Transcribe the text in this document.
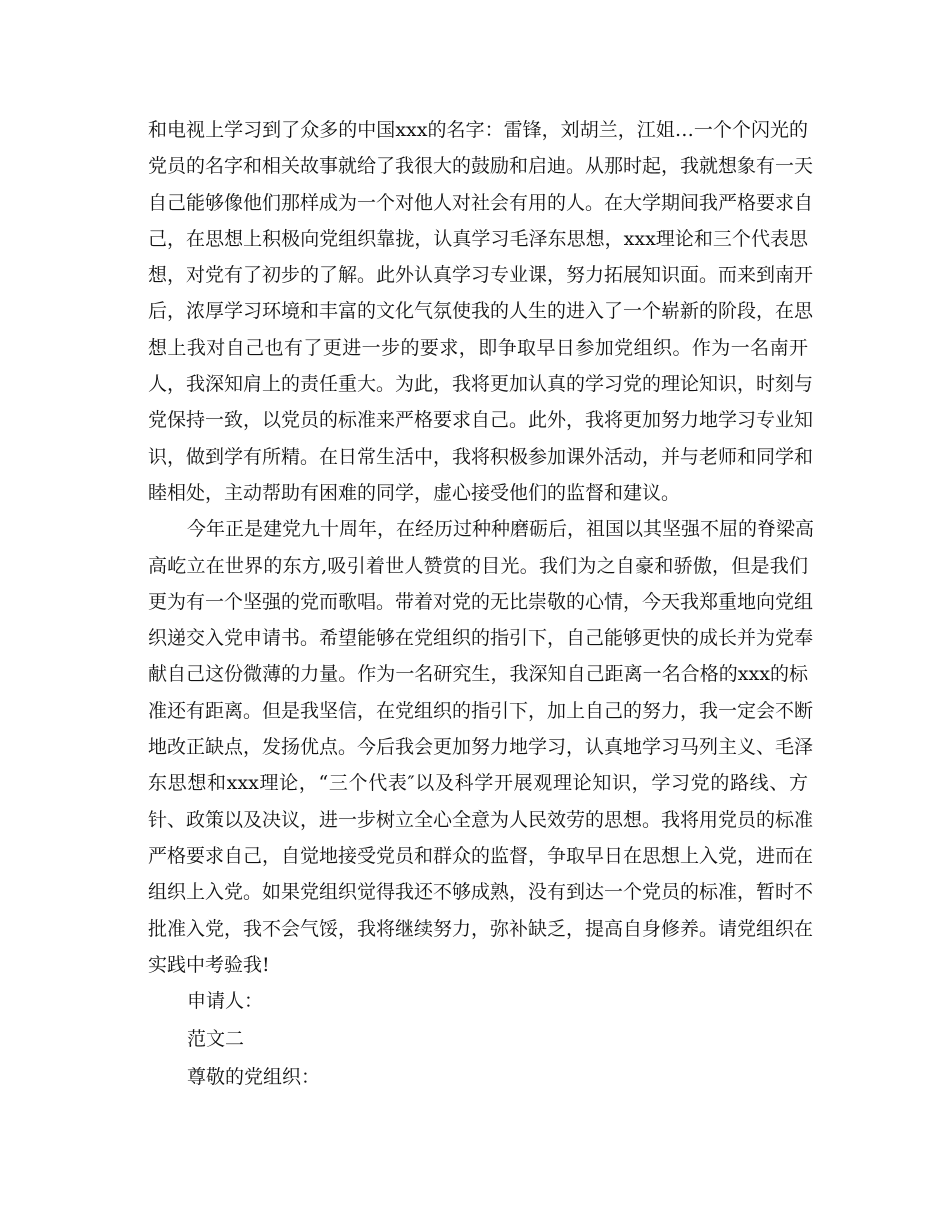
和电视上学习到了众多的中国xxx的名字：雷锋，刘胡兰，江姐…一个个闪光的
党员的名字和相关故事就给了我很大的鼓励和启迪。从那时起，我就想象有一天
自己能够像他们那样成为一个对他人对社会有用的人。在大学期间我严格要求自
己，在思想上积极向党组织靠拢，认真学习毛泽东思想，xxx理论和三个代表思
想，对党有了初步的了解。此外认真学习专业课，努力拓展知识面。而来到南开
后，浓厚学习环境和丰富的文化气氛使我的人生的进入了一个崭新的阶段，在思
想上我对自己也有了更进一步的要求，即争取早日参加党组织。作为一名南开
人，我深知肩上的责任重大。为此，我将更加认真的学习党的理论知识，时刻与
党保持一致，以党员的标准来严格要求自己。此外，我将更加努力地学习专业知
识，做到学有所精。在日常生活中，我将积极参加课外活动，并与老师和同学和
睦相处，主动帮助有困难的同学，虚心接受他们的监督和建议。
今年正是建党九十周年，在经历过种种磨砺后，祖国以其坚强不屈的脊梁高
高屹立在世界的东方,吸引着世人赞赏的目光。我们为之自豪和骄傲，但是我们
更为有一个坚强的党而歌唱。带着对党的无比崇敬的心情，今天我郑重地向党组
织递交入党申请书。希望能够在党组织的指引下，自己能够更快的成长并为党奉
献自己这份微薄的力量。作为一名研究生，我深知自己距离一名合格的xxx的标
准还有距离。但是我坚信，在党组织的指引下，加上自己的努力，我一定会不断
地改正缺点，发扬优点。今后我会更加努力地学习，认真地学习马列主义、毛泽
东思想和xxx理论，“三个代表″以及科学开展观理论知识，学习党的路线、方
针、政策以及决议，进一步树立全心全意为人民效劳的思想。我将用党员的标准
严格要求自己，自觉地接受党员和群众的监督，争取早日在思想上入党，进而在
组织上入党。如果党组织觉得我还不够成熟，没有到达一个党员的标准，暂时不
批准入党，我不会气馁，我将继续努力，弥补缺乏，提高自身修养。请党组织在
实践中考验我!
申请人：
范文二
尊敬的党组织：
